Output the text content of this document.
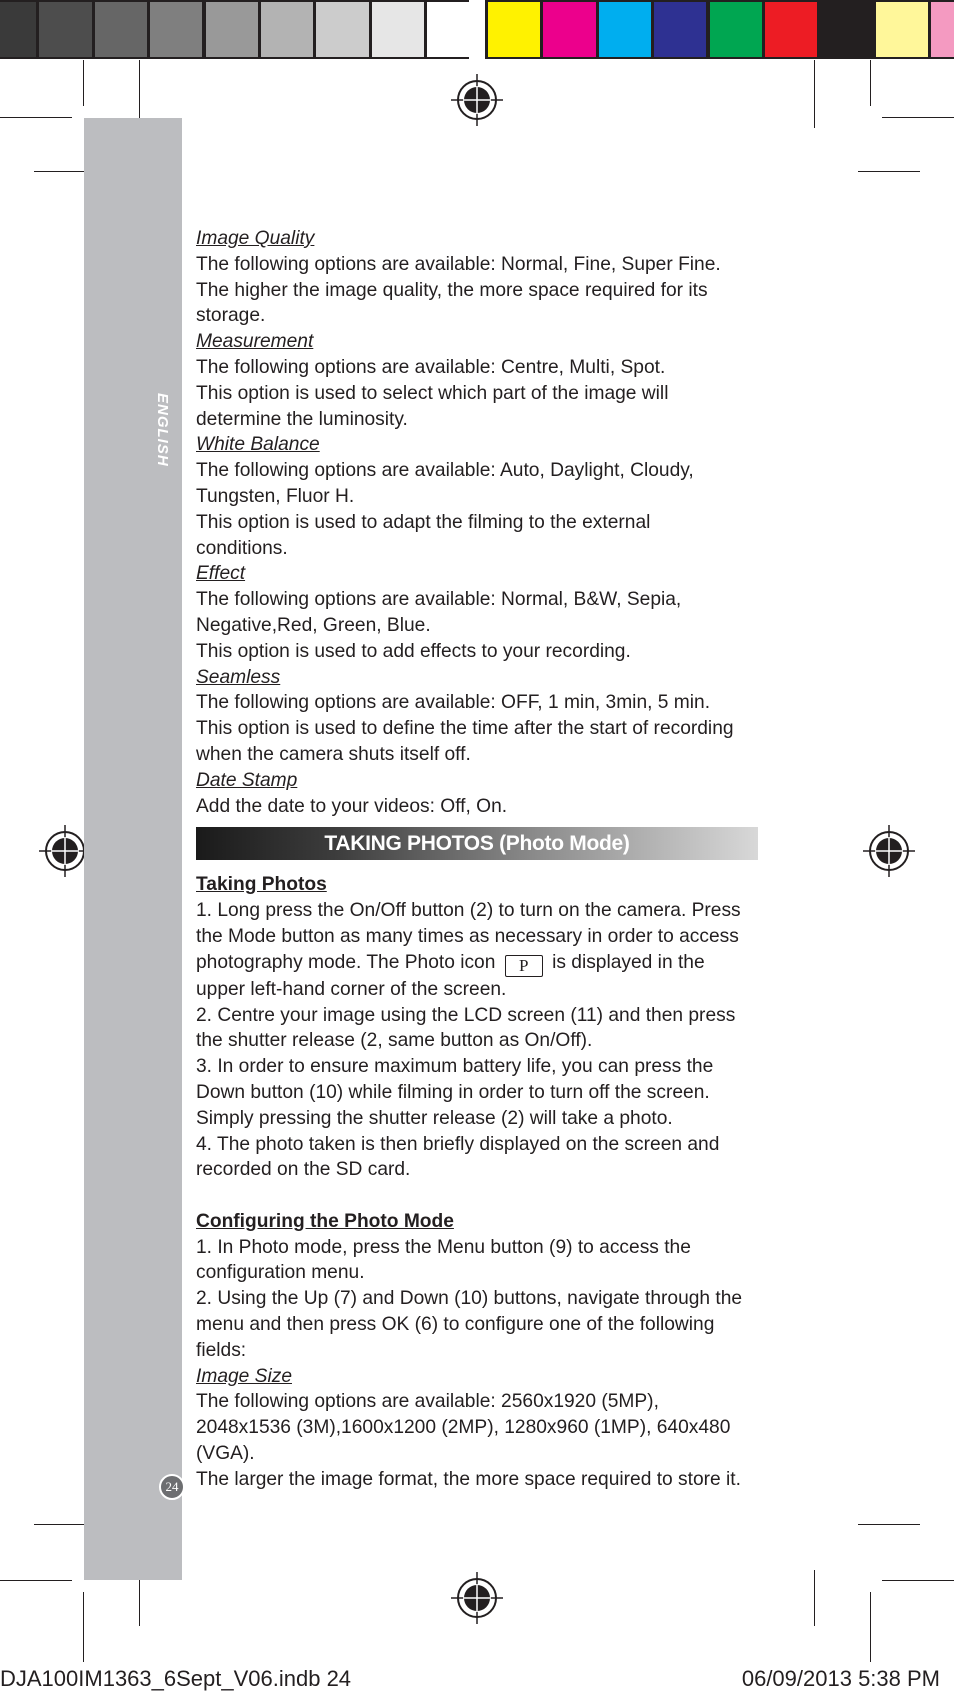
ENGLISH
24

Image Quality

The following options are available: Normal, Fine, Super Fine.

The higher the image quality, the more space required for its

storage.

Measurement

The following options are available: Centre, Multi, Spot.

This option is used to select which part of the image will

determine the luminosity.

White Balance

The following options are available: Auto, Daylight, Cloudy,

Tungsten, Fluor H.

This option is used to adapt the filming to the external

conditions.

Effect

The following options are available: Normal, B&W, Sepia,

Negative,Red, Green, Blue.

This option is used to add effects to your recording.

Seamless

The following options are available: OFF, 1 min, 3min, 5 min.

This option is used to define the time after the start of recording

when the camera shuts itself off.

Date Stamp

Add the date to your videos: Off, On.

TAKING PHOTOS (Photo Mode)

Taking Photos

1. Long press the On/Off button (2) to turn on the camera. Press

the Mode button as many times as necessary in order to access

photography mode. The Photo icon P is displayed in the

upper left-hand corner of the screen.

2. Centre your image using the LCD screen (11) and then press

the shutter release (2, same button as On/Off).

3. In order to ensure maximum battery life, you can press the

Down button (10) while filming in order to turn off the screen.

Simply pressing the shutter release (2) will take a photo.

4. The photo taken is then briefly displayed on the screen and

recorded on the SD card.

Configuring the Photo Mode

1. In Photo mode, press the Menu button (9) to access the

configuration menu.

2. Using the Up (7) and Down (10) buttons, navigate through the

menu and then press OK (6) to configure one of the following

fields:

Image Size

The following options are available: 2560x1920 (5MP),

2048x1536 (3M),1600x1200 (2MP), 1280x960 (1MP), 640x480

(VGA).

The larger the image format, the more space required to store it.

DJA100IM1363_6Sept_V06.indb 24	06/09/2013 5:38 PM
